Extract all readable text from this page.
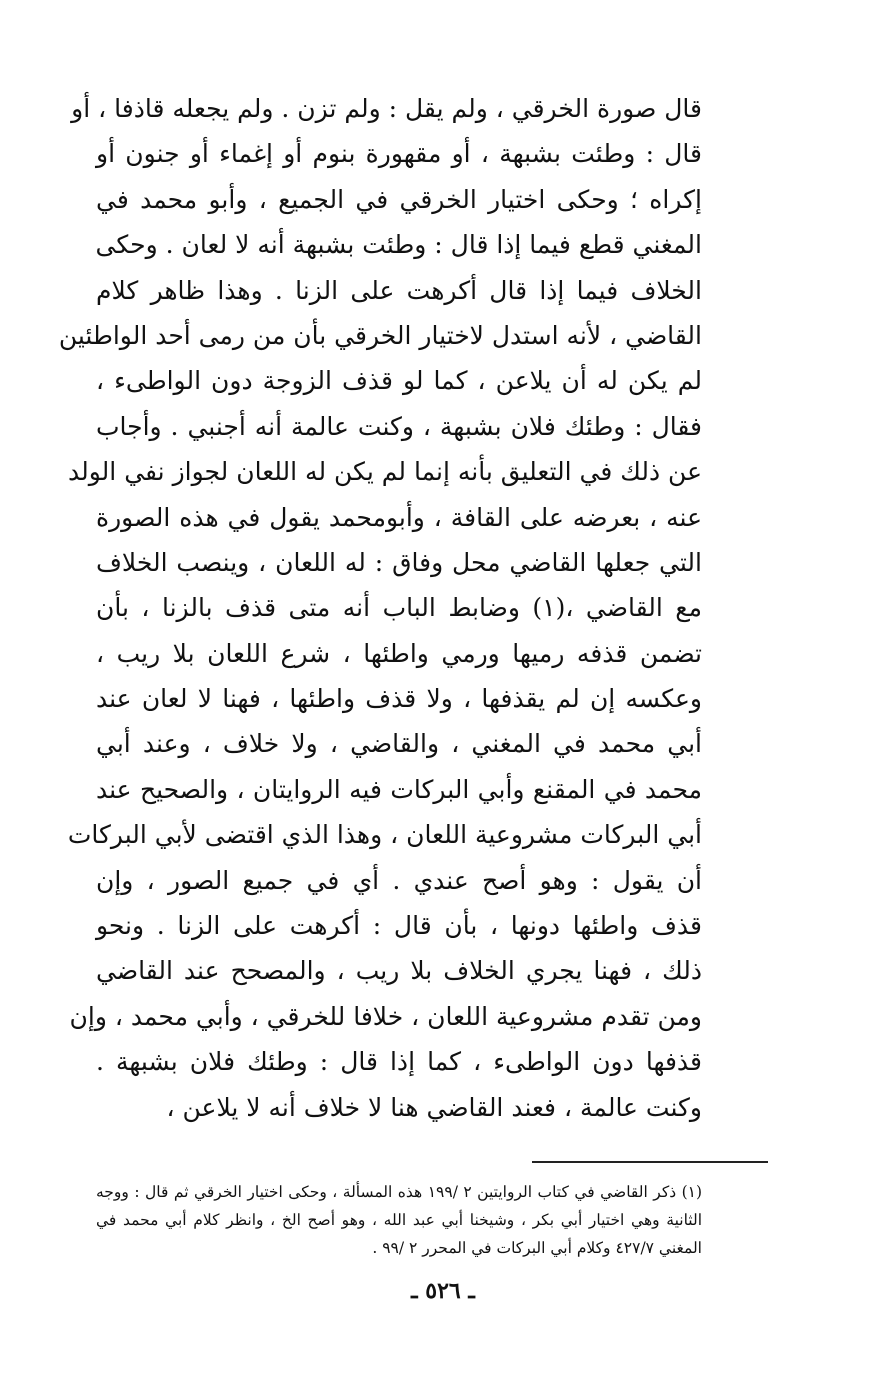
قال صورة الخرقي ، ولم يقل : ولم تزن . ولم يجعله قاذفا ، أو
قال : وطئت بشبهة ، أو مقهورة بنوم أو إغماء أو جنون أو
إكراه ؛ وحكى اختيار الخرقي في الجميع ، وأبو محمد في
المغني قطع فيما إذا قال : وطئت بشبهة أنه لا لعان . وحكى
الخلاف فيما إذا قال أكرهت على الزنا . وهذا ظاهر كلام
القاضي ، لأنه استدل لاختيار الخرقي بأن من رمى أحد الواطئين
لم يكن له أن يلاعن ، كما لو قذف الزوجة دون الواطىء ،
فقال : وطئك فلان بشبهة ، وكنت عالمة أنه أجنبي . وأجاب
عن ذلك في التعليق بأنه إنما لم يكن له اللعان لجواز نفي الولد
عنه ، بعرضه على القافة ، وأبومحمد يقول في هذه الصورة
التي جعلها القاضي محل وفاق : له اللعان ، وينصب الخلاف
مع القاضي ،(١) وضابط الباب أنه متى قذف بالزنا ، بأن
تضمن قذفه رميها ورمي واطئها ، شرع اللعان بلا ريب ،
وعكسه إن لم يقذفها ، ولا قذف واطئها ، فهنا لا لعان عند
أبي محمد في المغني ، والقاضي ، ولا خلاف ، وعند أبي
محمد في المقنع وأبي البركات فيه الروايتان ، والصحيح عند
أبي البركات مشروعية اللعان ، وهذا الذي اقتضى لأبي البركات
أن يقول : وهو أصح عندي . أي في جميع الصور ، وإن
قذف واطئها دونها ، بأن قال : أكرهت على الزنا . ونحو
ذلك ، فهنا يجري الخلاف بلا ريب ، والمصحح عند القاضي
ومن تقدم مشروعية اللعان ، خلافا للخرقي ، وأبي محمد ، وإن
قذفها دون الواطىء ، كما إذا قال : وطئك فلان بشبهة .
وكنت عالمة ، فعند القاضي هنا لا خلاف أنه لا يلاعن ،
(١) ذكر القاضي في كتاب الروايتين ٢ /١٩٩ هذه المسألة ، وحكى اختيار الخرقي ثم قال : ووجه
الثانية وهي اختيار أبي بكر ، وشيخنا أبي عبد الله ، وهو أصح الخ ، وانظر كلام أبي محمد في
المغني ٤٢٧/٧ وكلام أبي البركات في المحرر ٢ /٩٩ .
ـ ٥٢٦ ـ
